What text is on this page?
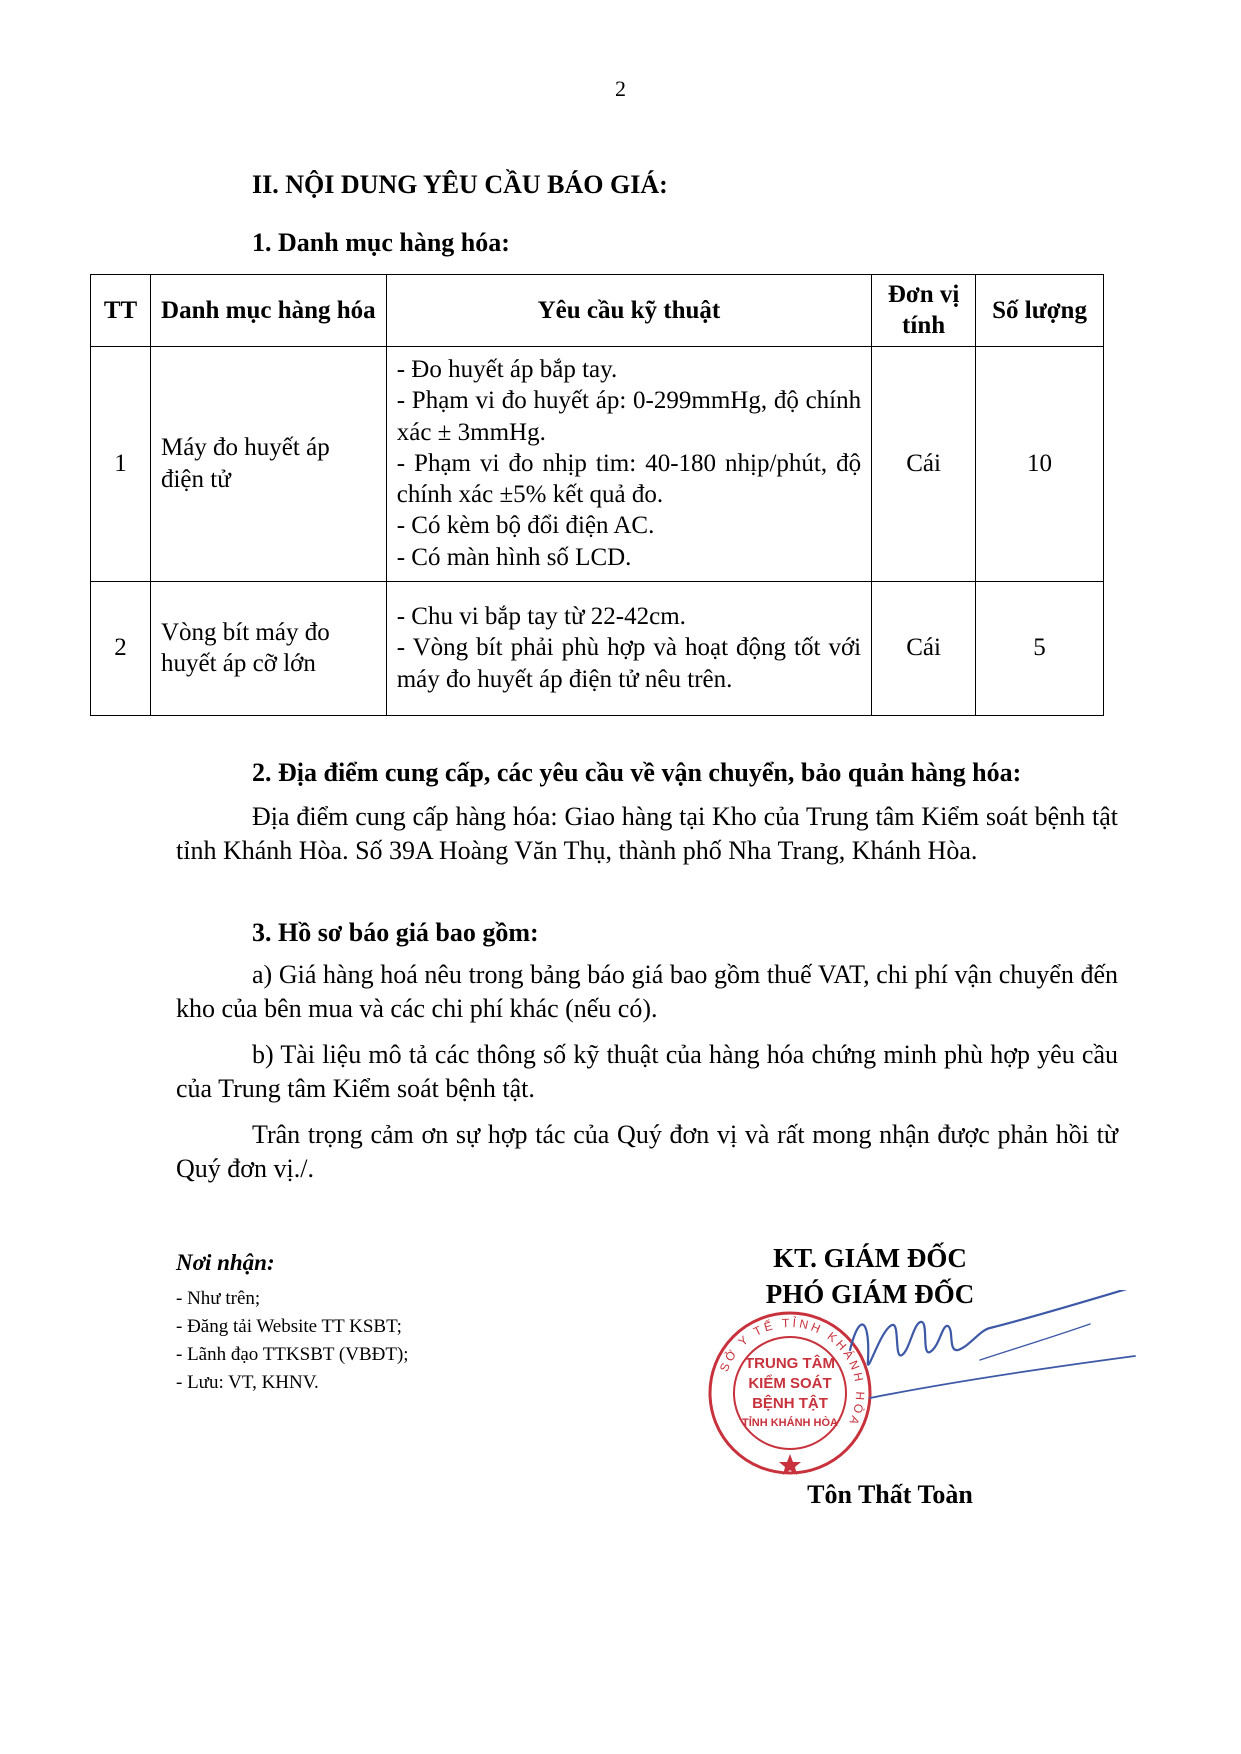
2
II. NỘI DUNG YÊU CẦU BÁO GIÁ:
1. Danh mục hàng hóa:
TT	Danh mục hàng hóa	Yêu cầu kỹ thuật	Đơn vị tính	Số lượng
1	Máy đo huyết áp điện tử	- Đo huyết áp bắp tay.
- Phạm vi đo huyết áp: 0-299mmHg, độ chính xác ± 3mmHg.
- Phạm vi đo nhịp tim: 40-180 nhịp/phút, độ chính xác ±5% kết quả đo.
- Có kèm bộ đổi điện AC.
- Có màn hình số LCD.	Cái	10
2	Vòng bít máy đo huyết áp cỡ lớn	- Chu vi bắp tay từ 22-42cm.
- Vòng bít phải phù hợp và hoạt động tốt với máy đo huyết áp điện tử nêu trên.	Cái	5
2. Địa điểm cung cấp, các yêu cầu về vận chuyển, bảo quản hàng hóa:

Địa điểm cung cấp hàng hóa: Giao hàng tại Kho của Trung tâm Kiểm soát bệnh tật tỉnh Khánh Hòa. Số 39A Hoàng Văn Thụ, thành phố Nha Trang, Khánh Hòa.

3. Hồ sơ báo giá bao gồm:

a) Giá hàng hoá nêu trong bảng báo giá bao gồm thuế VAT, chi phí vận chuyển đến kho của bên mua và các chi phí khác (nếu có).

b) Tài liệu mô tả các thông số kỹ thuật của hàng hóa chứng minh phù hợp yêu cầu của Trung tâm Kiểm soát bệnh tật.

Trân trọng cảm ơn sự hợp tác của Quý đơn vị và rất mong nhận được phản hồi từ Quý đơn vị./.

Nơi nhận:
- Như trên;
- Đăng tải Website TT KSBT;
- Lãnh đạo TTKSBT (VBĐT);
- Lưu: VT, KHNV.
KT. GIÁM ĐỐC
PHÓ GIÁM ĐỐC
SỞ Y TẾ TỈNH KHÁNH HÒA
TRUNG TÂM
KIỂM SOÁT
BỆNH TẬT
TỈNH KHÁNH HÒA
Tôn Thất Toàn
